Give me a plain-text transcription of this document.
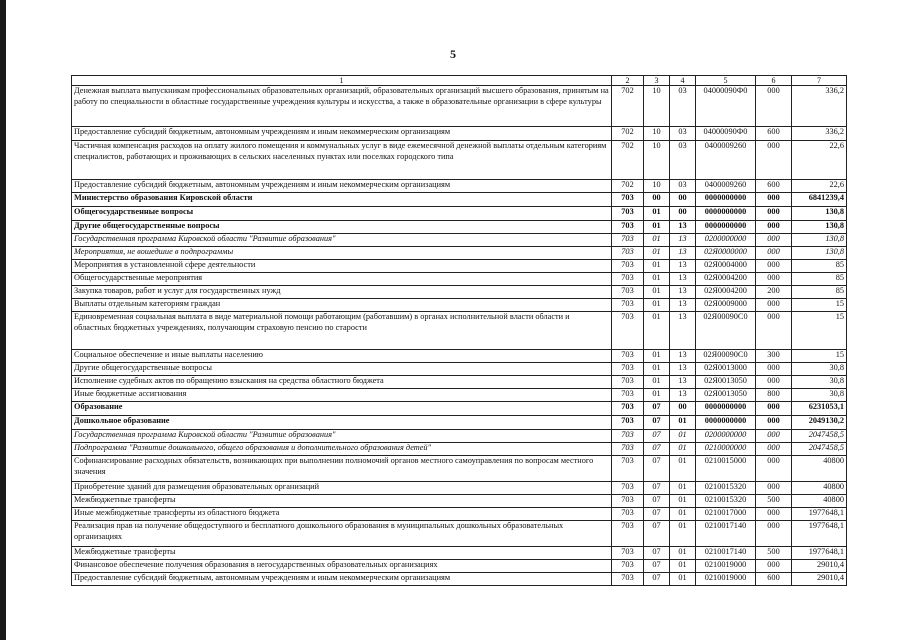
5
1	2	3	4	5	6	7
Денежная выплата выпускникам профессиональных образовательных организаций, образовательных организаций высшего образования, принятым на работу по специальности в областные государственные учреждения культуры и искусства, а также в образовательные организации в сфере культуры	702	10	03	04000090Ф0	000	336,2
Предоставление субсидий бюджетным, автономным учреждениям и иным некоммерческим организациям	702	10	03	04000090Ф0	600	336,2
Частичная компенсация расходов на оплату жилого помещения и коммунальных услуг в виде ежемесячной денежной выплаты отдельным категориям специалистов, работающих и проживающих в сельских населенных пунктах или поселках городского типа	702	10	03	0400009260	000	22,6
Предоставление субсидий бюджетным, автономным учреждениям и иным некоммерческим организациям	702	10	03	0400009260	600	22,6
Министерство образования Кировской области	703	00	00	0000000000	000	6841239,4
Общегосударственные вопросы	703	01	00	0000000000	000	130,8
Другие общегосударственные вопросы	703	01	13	0000000000	000	130,8
Государственная программа Кировской области "Развитие образования"	703	01	13	0200000000	000	130,8
Мероприятия, не вошедшие в подпрограммы	703	01	13	02Я0000000	000	130,8
Мероприятия в установленной сфере деятельности	703	01	13	02Я0004000	000	85
Общегосударственные мероприятия	703	01	13	02Я0004200	000	85
Закупка товаров, работ и услуг для государственных нужд	703	01	13	02Я0004200	200	85
Выплаты отдельным категориям граждан	703	01	13	02Я0009000	000	15
Единовременная социальная выплата в виде материальной помощи работающим (работавшим) в органах исполнительной власти области и областных бюджетных учреждениях, получающим страховую пенсию по старости	703	01	13	02Я00090С0	000	15
Социальное обеспечение и иные выплаты населению	703	01	13	02Я00090С0	300	15
Другие общегосударственные вопросы	703	01	13	02Я0013000	000	30,8
Исполнение судебных актов по обращению взыскания на средства областного бюджета	703	01	13	02Я0013050	000	30,8
Иные бюджетные ассигнования	703	01	13	02Я0013050	800	30,8
Образование	703	07	00	0000000000	000	6231053,1
Дошкольное образование	703	07	01	0000000000	000	2049130,2
Государственная программа Кировской области "Развитие образования"	703	07	01	0200000000	000	2047458,5
Подпрограмма "Развитие дошкольного, общего образования и дополнительного образования детей"	703	07	01	0210000000	000	2047458,5
Софинансирование расходных обязательств, возникающих при выполнении полномочий органов местного самоуправления по вопросам местного значения	703	07	01	0210015000	000	40800
Приобретение зданий для размещения образовательных организаций	703	07	01	0210015320	000	40800
Межбюджетные трансферты	703	07	01	0210015320	500	40800
Иные межбюджетные трансферты из областного бюджета	703	07	01	0210017000	000	1977648,1
Реализация прав на получение общедоступного и бесплатного дошкольного образования в муниципальных дошкольных образовательных организациях	703	07	01	0210017140	000	1977648,1
Межбюджетные трансферты	703	07	01	0210017140	500	1977648,1
Финансовое обеспечение получения образования в негосударственных образовательных организациях	703	07	01	0210019000	000	29010,4
Предоставление субсидий бюджетным, автономным учреждениям и иным некоммерческим организациям	703	07	01	0210019000	600	29010,4
